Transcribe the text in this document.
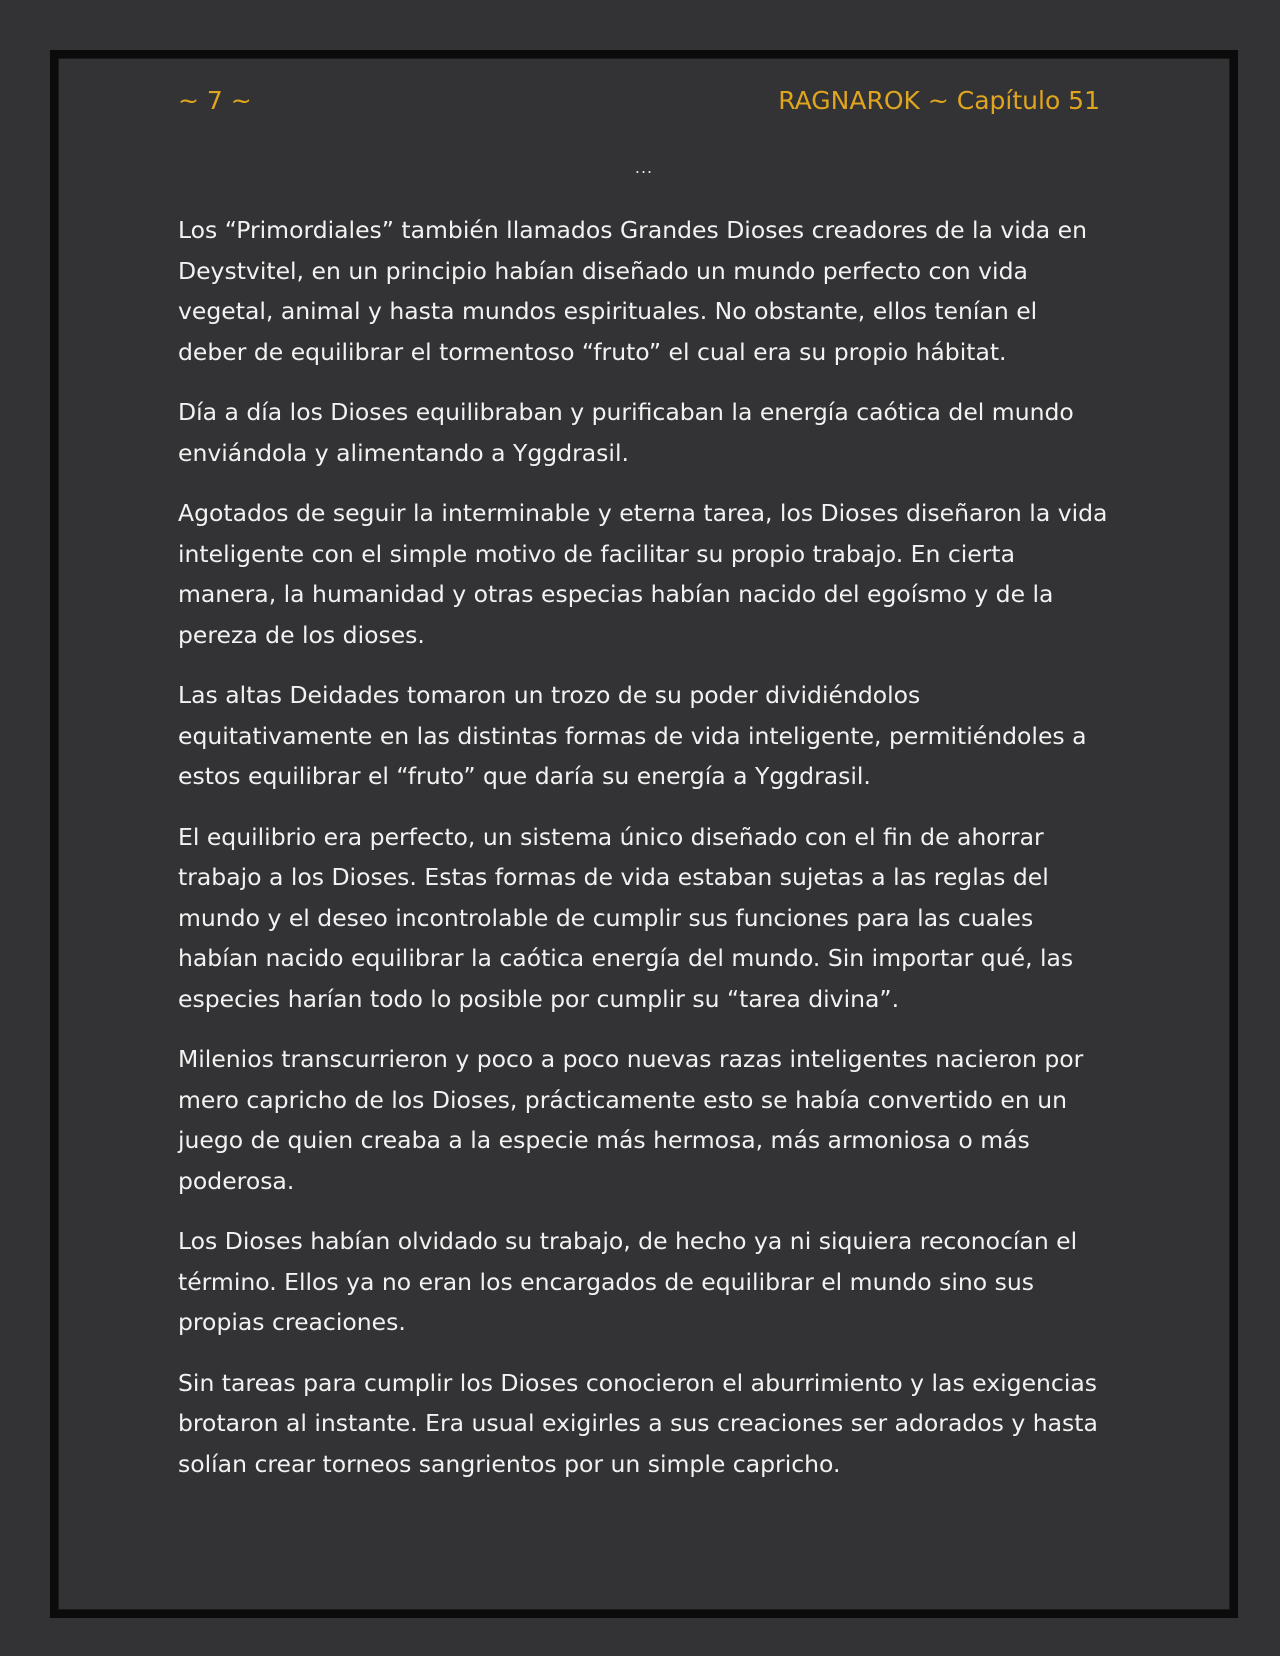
~ 7 ~	RAGNAROK ~ Capítulo 51
...

Los “Primordiales” también llamados Grandes Dioses creadores de la vida en Deystvitel, en un principio habían diseñado un mundo perfecto con vida vegetal, animal y hasta mundos espirituales. No obstante, ellos tenían el deber de equilibrar el tormentoso “fruto” el cual era su propio hábitat.

Día a día los Dioses equilibraban y purificaban la energía caótica del mundo enviándola y alimentando a Yggdrasil.

Agotados de seguir la interminable y eterna tarea, los Dioses diseñaron la vida inteligente con el simple motivo de facilitar su propio trabajo. En cierta manera, la humanidad y otras especias habían nacido del egoísmo y de la pereza de los dioses.

Las altas Deidades tomaron un trozo de su poder dividiéndolos equitativamente en las distintas formas de vida inteligente, permitiéndoles a estos equilibrar el “fruto” que daría su energía a Yggdrasil.

El equilibrio era perfecto, un sistema único diseñado con el fin de ahorrar trabajo a los Dioses. Estas formas de vida estaban sujetas a las reglas del mundo y el deseo incontrolable de cumplir sus funciones para las cuales habían nacido equilibrar la caótica energía del mundo. Sin importar qué, las especies harían todo lo posible por cumplir su “tarea divina”.

Milenios transcurrieron y poco a poco nuevas razas inteligentes nacieron por mero capricho de los Dioses, prácticamente esto se había convertido en un juego de quien creaba a la especie más hermosa, más armoniosa o más poderosa.

Los Dioses habían olvidado su trabajo, de hecho ya ni siquiera reconocían el término. Ellos ya no eran los encargados de equilibrar el mundo sino sus propias creaciones.

Sin tareas para cumplir los Dioses conocieron el aburrimiento y las exigencias brotaron al instante. Era usual exigirles a sus creaciones ser adorados y hasta solían crear torneos sangrientos por un simple capricho.
